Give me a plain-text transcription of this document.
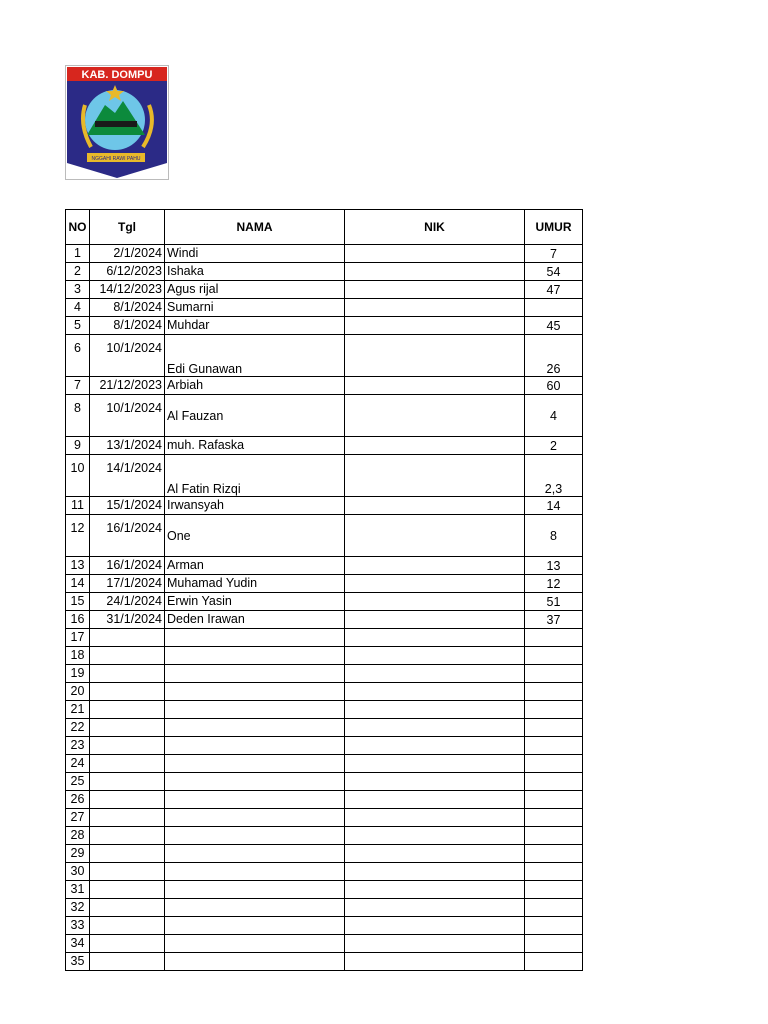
KAB. DOMPU
NGGAHI RAWI PAHU
NO	Tgl	NAMA	NIK	UMUR
1	2/1/2024	Windi		7
2	6/12/2023	Ishaka		54
3	14/12/2023	Agus rijal		47
4	8/1/2024	Sumarni		
5	8/1/2024	Muhdar		45
6	10/1/2024	Edi Gunawan		26
7	21/12/2023	Arbiah		60
8	10/1/2024	Al Fauzan		4
9	13/1/2024	muh. Rafaska		2
10	14/1/2024	Al Fatin Rizqi		2,3
11	15/1/2024	Irwansyah		14
12	16/1/2024	One		8
13	16/1/2024	Arman		13
14	17/1/2024	Muhamad Yudin		12
15	24/1/2024	Erwin Yasin		51
16	31/1/2024	Deden Irawan		37
17				
18				
19				
20				
21				
22				
23				
24				
25				
26				
27				
28				
29				
30				
31				
32				
33				
34				
35				
